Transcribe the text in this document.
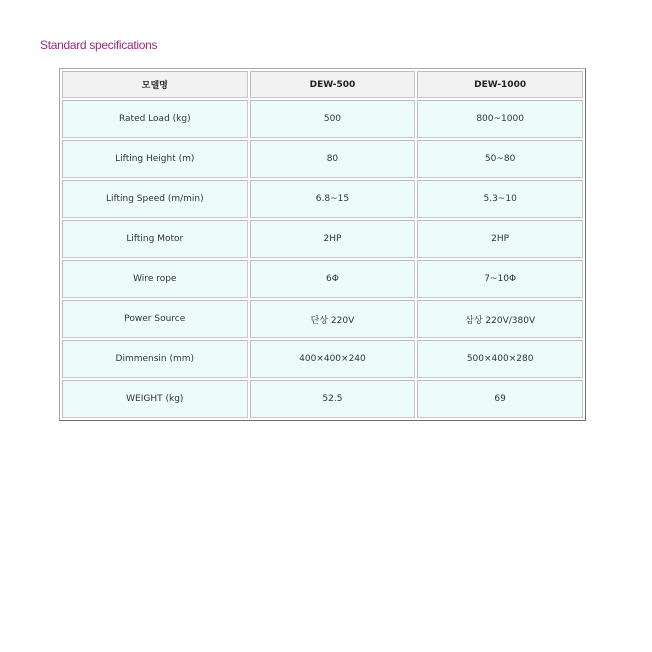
Standard specifications
모델명	DEW-500	DEW-1000
Rated Load (kg)	500	800~1000
Lifting Height (m)	80	50~80
Lifting Speed (m/min)	6.8~15	5.3~10
Lifting Motor	2HP	2HP
Wire rope	6Φ	7~10Φ
Power Source	단상 220V	삼상 220V/380V
Dimmensin (mm)	400×400×240	500×400×280
WEIGHT (kg)	52.5	69
